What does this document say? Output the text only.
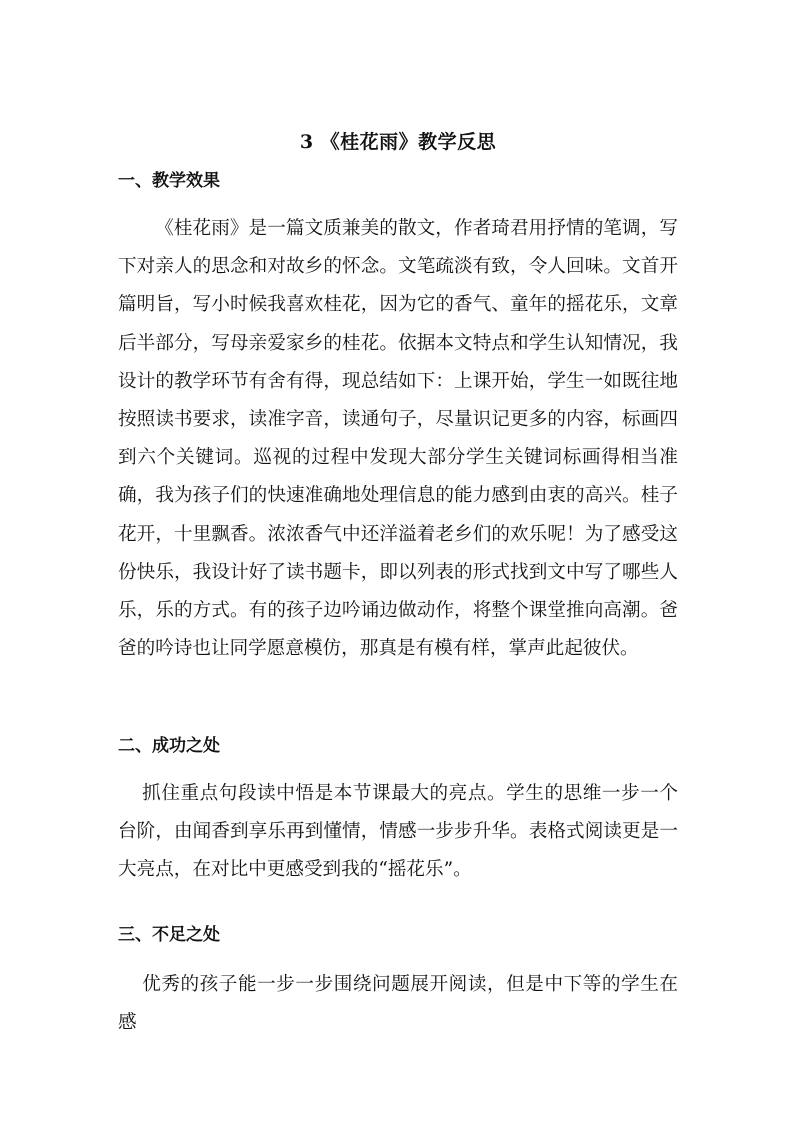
3 《桂花雨》教学反思
一、教学效果

《桂花雨》是一篇文质兼美的散文，作者琦君用抒情的笔调，写下对亲人的思念和对故乡的怀念。文笔疏淡有致，令人回味。文首开篇明旨，写小时候我喜欢桂花，因为它的香气、童年的摇花乐，文章后半部分，写母亲爱家乡的桂花。依据本文特点和学生认知情况，我设计的教学环节有舍有得，现总结如下：上课开始，学生一如既往地按照读书要求，读准字音，读通句子，尽量识记更多的内容，标画四到六个关键词。巡视的过程中发现大部分学生关键词标画得相当准确，我为孩子们的快速准确地处理信息的能力感到由衷的高兴。桂子花开，十里飘香。浓浓香气中还洋溢着老乡们的欢乐呢！为了感受这份快乐，我设计好了读书题卡，即以列表的形式找到文中写了哪些人乐，乐的方式。有的孩子边吟诵边做动作，将整个课堂推向高潮。爸爸的吟诗也让同学愿意模仿，那真是有模有样，掌声此起彼伏。

二、成功之处

抓住重点句段读中悟是本节课最大的亮点。学生的思维一步一个台阶，由闻香到享乐再到懂情，情感一步步升华。表格式阅读更是一大亮点，在对比中更感受到我的“摇花乐”。

三、不足之处

优秀的孩子能一步一步围绕问题展开阅读，但是中下等的学生在感
